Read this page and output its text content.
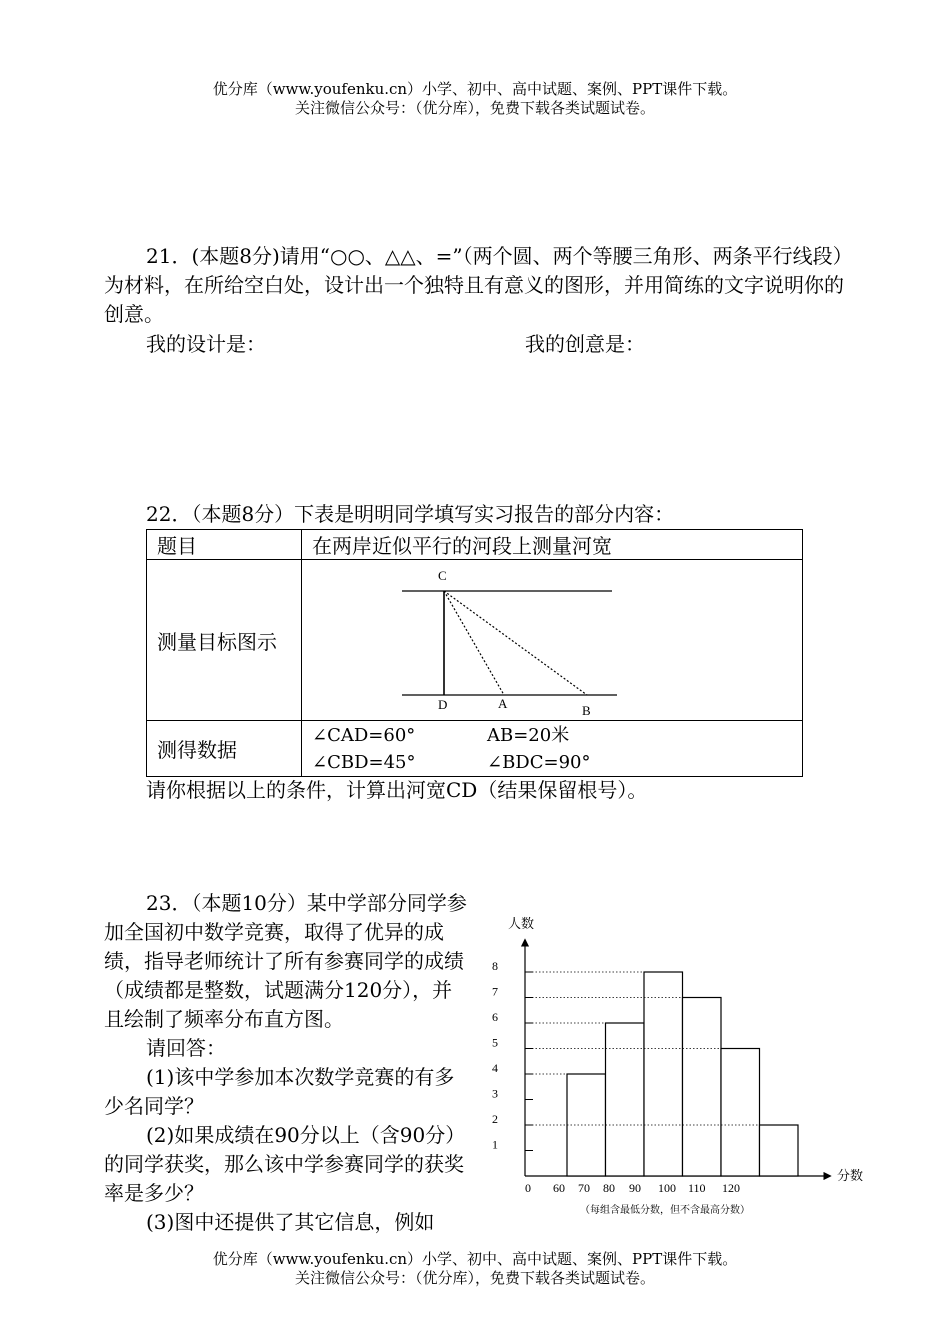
优分库（www.youfenku.cn）小学、初中、高中试题、案例、PPT课件下载。
关注微信公众号：（优分库），免费下载各类试题试卷。

21．(本题8分)请用“○○、△△、=”（两个圆、两个等腰三角形、两条平行线段）为材料，在所给空白处，设计出一个独特且有意义的图形，并用简练的文字说明你的创意。

我的设计是：	我的创意是：
22．（本题8分）下表是明明同学填写实习报告的部分内容：
题目	在两岸近似平行的河段上测量河宽
测量目标图示	C
D A B

测得数据	∠CAD=60° AB=20米
∠CBD=45° ∠BDC=90°
请你根据以上的条件，计算出河宽CD（结果保留根号）。
23．（本题10分）某中学部分同学参加全国初中数学竞赛，取得了优异的成绩，指导老师统计了所有参赛同学的成绩（成绩都是整数，试题满分120分），并且绘制了频率分布直方图。
请回答：
(1)该中学参加本次数学竞赛的有多少名同学？
(2)如果成绩在90分以上（含90分）的同学获奖，那么该中学参赛同学的获奖率是多少？
(3)图中还提供了其它信息，例如
人数
分数
（每组含最低分数，但不含最高分数）
1
2
3
4
5
6
7
8
0 60 70 80 90 100 110 120
优分库（www.youfenku.cn）小学、初中、高中试题、案例、PPT课件下载。
关注微信公众号：（优分库），免费下载各类试题试卷。
